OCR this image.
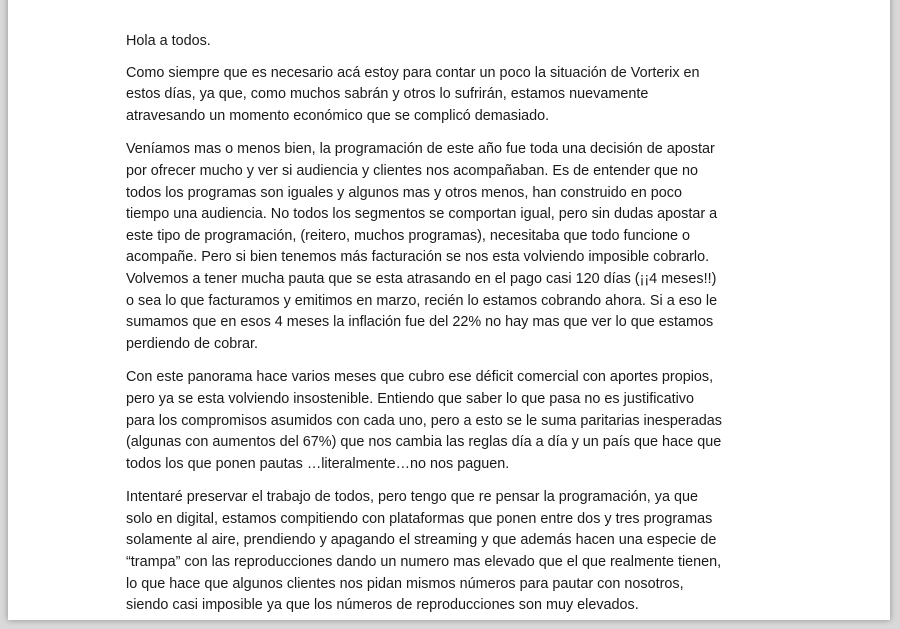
Hola a todos.

Como siempre que es necesario acá estoy para contar un poco la situación de Vorterix en estos días, ya que, como muchos sabrán y otros lo sufrirán, estamos nuevamente atravesando un momento económico que se complicó demasiado.

Veníamos mas o menos bien, la programación de este año fue toda una decisión de apostar por ofrecer mucho y ver si audiencia y clientes nos acompañaban. Es de entender que no todos los programas son iguales y algunos mas y otros menos, han construido en poco tiempo una audiencia. No todos los segmentos se comportan igual, pero sin dudas apostar a este tipo de programación, (reitero, muchos programas), necesitaba que todo funcione o acompañe. Pero si bien tenemos más facturación se nos esta volviendo imposible cobrarlo. Volvemos a tener mucha pauta que se esta atrasando en el pago casi 120 días (¡¡4 meses!!) o sea lo que facturamos y emitimos en marzo, recién lo estamos cobrando ahora. Si a eso le sumamos que en esos 4 meses la inflación fue del 22% no hay mas que ver lo que estamos perdiendo de cobrar.

Con este panorama hace varios meses que cubro ese déficit comercial con aportes propios, pero ya se esta volviendo insostenible. Entiendo que saber lo que pasa no es justificativo para los compromisos asumidos con cada uno, pero a esto se le suma paritarias inesperadas (algunas con aumentos del 67%) que nos cambia las reglas día a día y un país que hace que todos los que ponen pautas …literalmente…no nos paguen.

Intentaré preservar el trabajo de todos, pero tengo que re pensar la programación, ya que solo en digital, estamos compitiendo con plataformas que ponen entre dos y tres programas solamente al aire, prendiendo y apagando el streaming y que además hacen una especie de “trampa” con las reproducciones dando un numero mas elevado que el que realmente tienen, lo que hace que algunos clientes nos pidan mismos números para pautar con nosotros, siendo casi imposible ya que los números de reproducciones son muy elevados.
